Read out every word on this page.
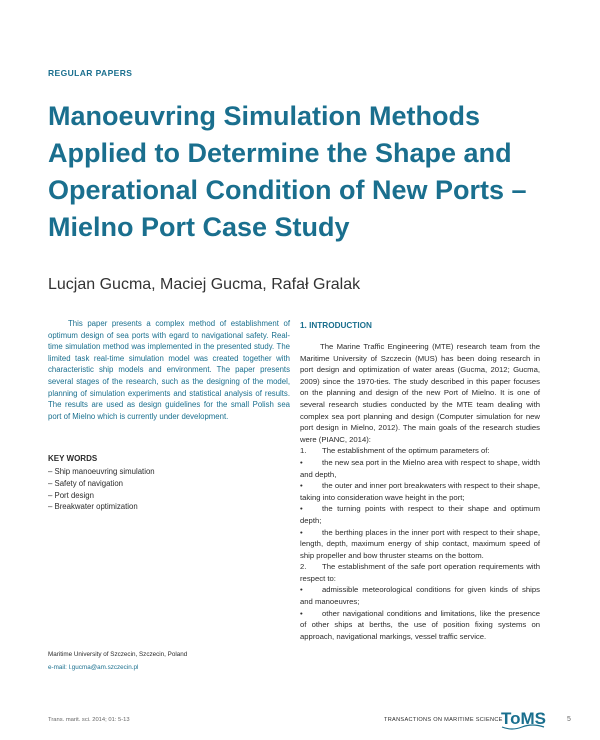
REGULAR PAPERS
Manoeuvring Simulation Methods Applied to Determine the Shape and Operational Condition of New Ports – Mielno Port Case Study
Lucjan Gucma, Maciej Gucma, Rafał Gralak

This paper presents a complex method of establishment of optimum design of sea ports with egard to navigational safety. Real-time simulation method was implemented in the presented study. The limited task real-time simulation model was created together with characteristic ship models and environment. The paper presents several stages of the research, such as the designing of the model, planning of simulation experiments and statistical analysis of results. The results are used as design guidelines for the small Polish sea port of Mielno which is currently under development.

KEY WORDS
– Ship manoeuvring simulation
– Safety of navigation
– Port design
– Breakwater optimization
Maritime University of Szczecin, Szczecin, Poland
e-mail: l.gucma@am.szczecin.pl
1. INTRODUCTION

The Marine Traffic Engineering (MTE) research team from the Maritime University of Szczecin (MUS) has been doing research in port design and optimization of water areas (Gucma, 2012; Gucma, 2009) since the 1970-ties. The study described in this paper focuses on the planning and design of the new Port of Mielno. It is one of several research studies conducted by the MTE team dealing with complex sea port planning and design (Computer simulation for new port design in Mielno, 2012). The main goals of the research studies were (PIANC, 2014):

1. The establishment of the optimum parameters of:

•	the new sea port in the Mielno area with respect to shape, width and depth,

•	the outer and inner port breakwaters with respect to their shape, taking into consideration wave height in the port;

•	the turning points with respect to their shape and optimum depth;

•	the berthing places in the inner port with respect to their shape, length, depth, maximum energy of ship contact, maximum speed of ship propeller and bow thruster steams on the bottom.

2. The establishment of the safe port operation requirements with respect to:

•	admissible meteorological conditions for given kinds of ships and manoeuvres;

•	other navigational conditions and limitations, like the presence of other ships at berths, the use of position fixing systems on approach, navigational markings, vessel traffic service.

Trans. marit. sci. 2014; 01: 5-13	TRANSACTIONS ON MARITIME SCIENCE
ToMS	5
